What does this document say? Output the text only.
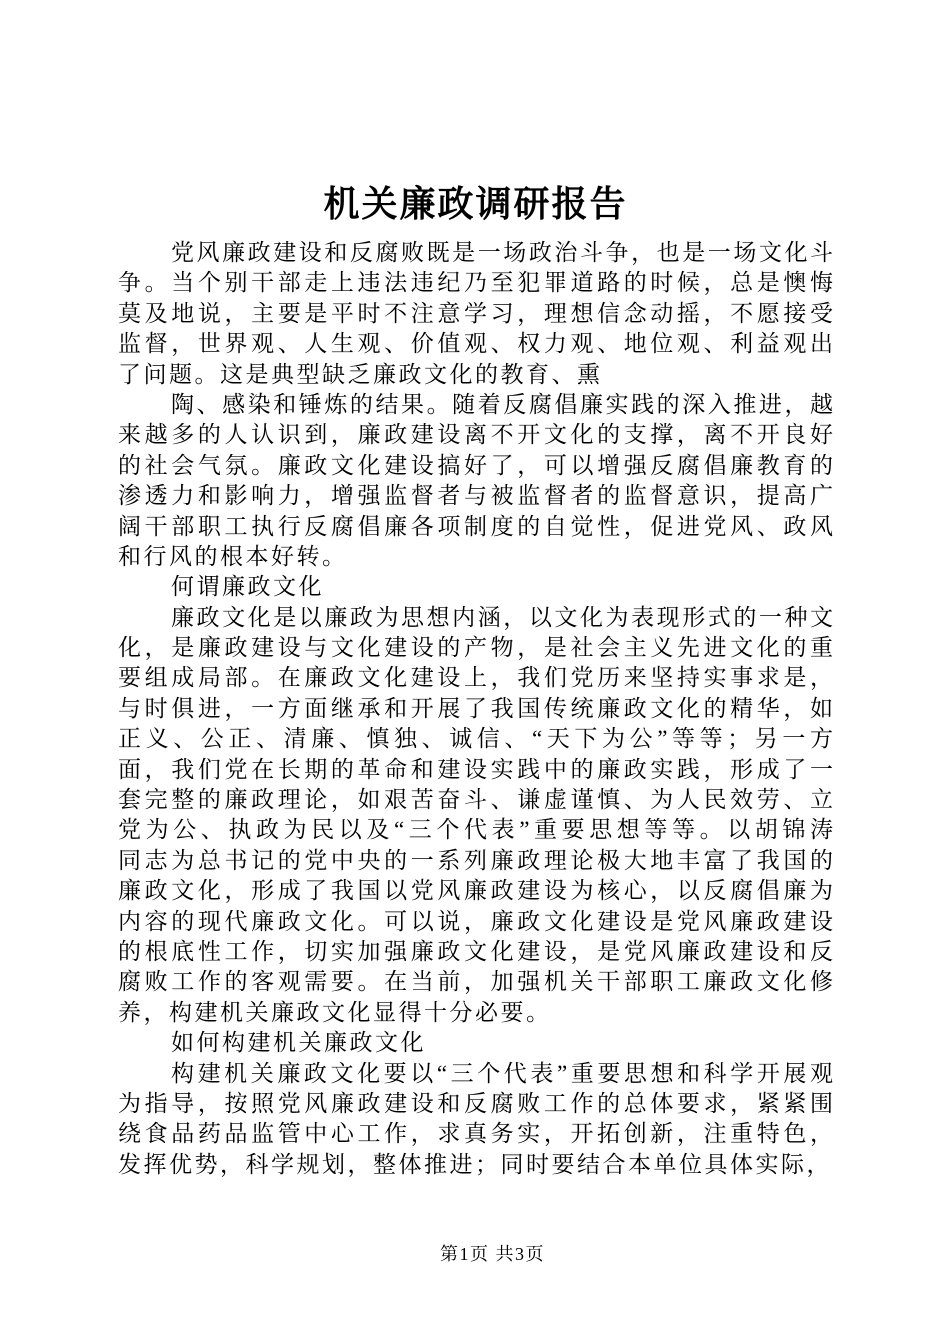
机关廉政调研报告
党风廉政建设和反腐败既是一场政治斗争，也是一场文化斗
争。当个别干部走上违法违纪乃至犯罪道路的时候，总是懊悔
莫及地说，主要是平时不注意学习，理想信念动摇，不愿接受
监督，世界观、人生观、价值观、权力观、地位观、利益观出
了问题。这是典型缺乏廉政文化的教育、熏
陶、感染和锤炼的结果。随着反腐倡廉实践的深入推进，越
来越多的人认识到，廉政建设离不开文化的支撑，离不开良好
的社会气氛。廉政文化建设搞好了，可以增强反腐倡廉教育的
渗透力和影响力，增强监督者与被监督者的监督意识，提高广
阔干部职工执行反腐倡廉各项制度的自觉性，促进党风、政风
和行风的根本好转。
何谓廉政文化
廉政文化是以廉政为思想内涵，以文化为表现形式的一种文
化，是廉政建设与文化建设的产物，是社会主义先进文化的重
要组成局部。在廉政文化建设上，我们党历来坚持实事求是，
与时俱进，一方面继承和开展了我国传统廉政文化的精华，如
正义、公正、清廉、慎独、诚信、“天下为公”等等；另一方
面，我们党在长期的革命和建设实践中的廉政实践，形成了一
套完整的廉政理论，如艰苦奋斗、谦虚谨慎、为人民效劳、立
党为公、执政为民以及“三个代表”重要思想等等。以胡锦涛
同志为总书记的党中央的一系列廉政理论极大地丰富了我国的
廉政文化，形成了我国以党风廉政建设为核心，以反腐倡廉为
内容的现代廉政文化。可以说，廉政文化建设是党风廉政建设
的根底性工作，切实加强廉政文化建设，是党风廉政建设和反
腐败工作的客观需要。在当前，加强机关干部职工廉政文化修
养，构建机关廉政文化显得十分必要。
如何构建机关廉政文化
构建机关廉政文化要以“三个代表”重要思想和科学开展观
为指导，按照党风廉政建设和反腐败工作的总体要求，紧紧围
绕食品药品监管中心工作，求真务实，开拓创新，注重特色，
发挥优势，科学规划，整体推进；同时要结合本单位具体实际，
第1页 共3页
